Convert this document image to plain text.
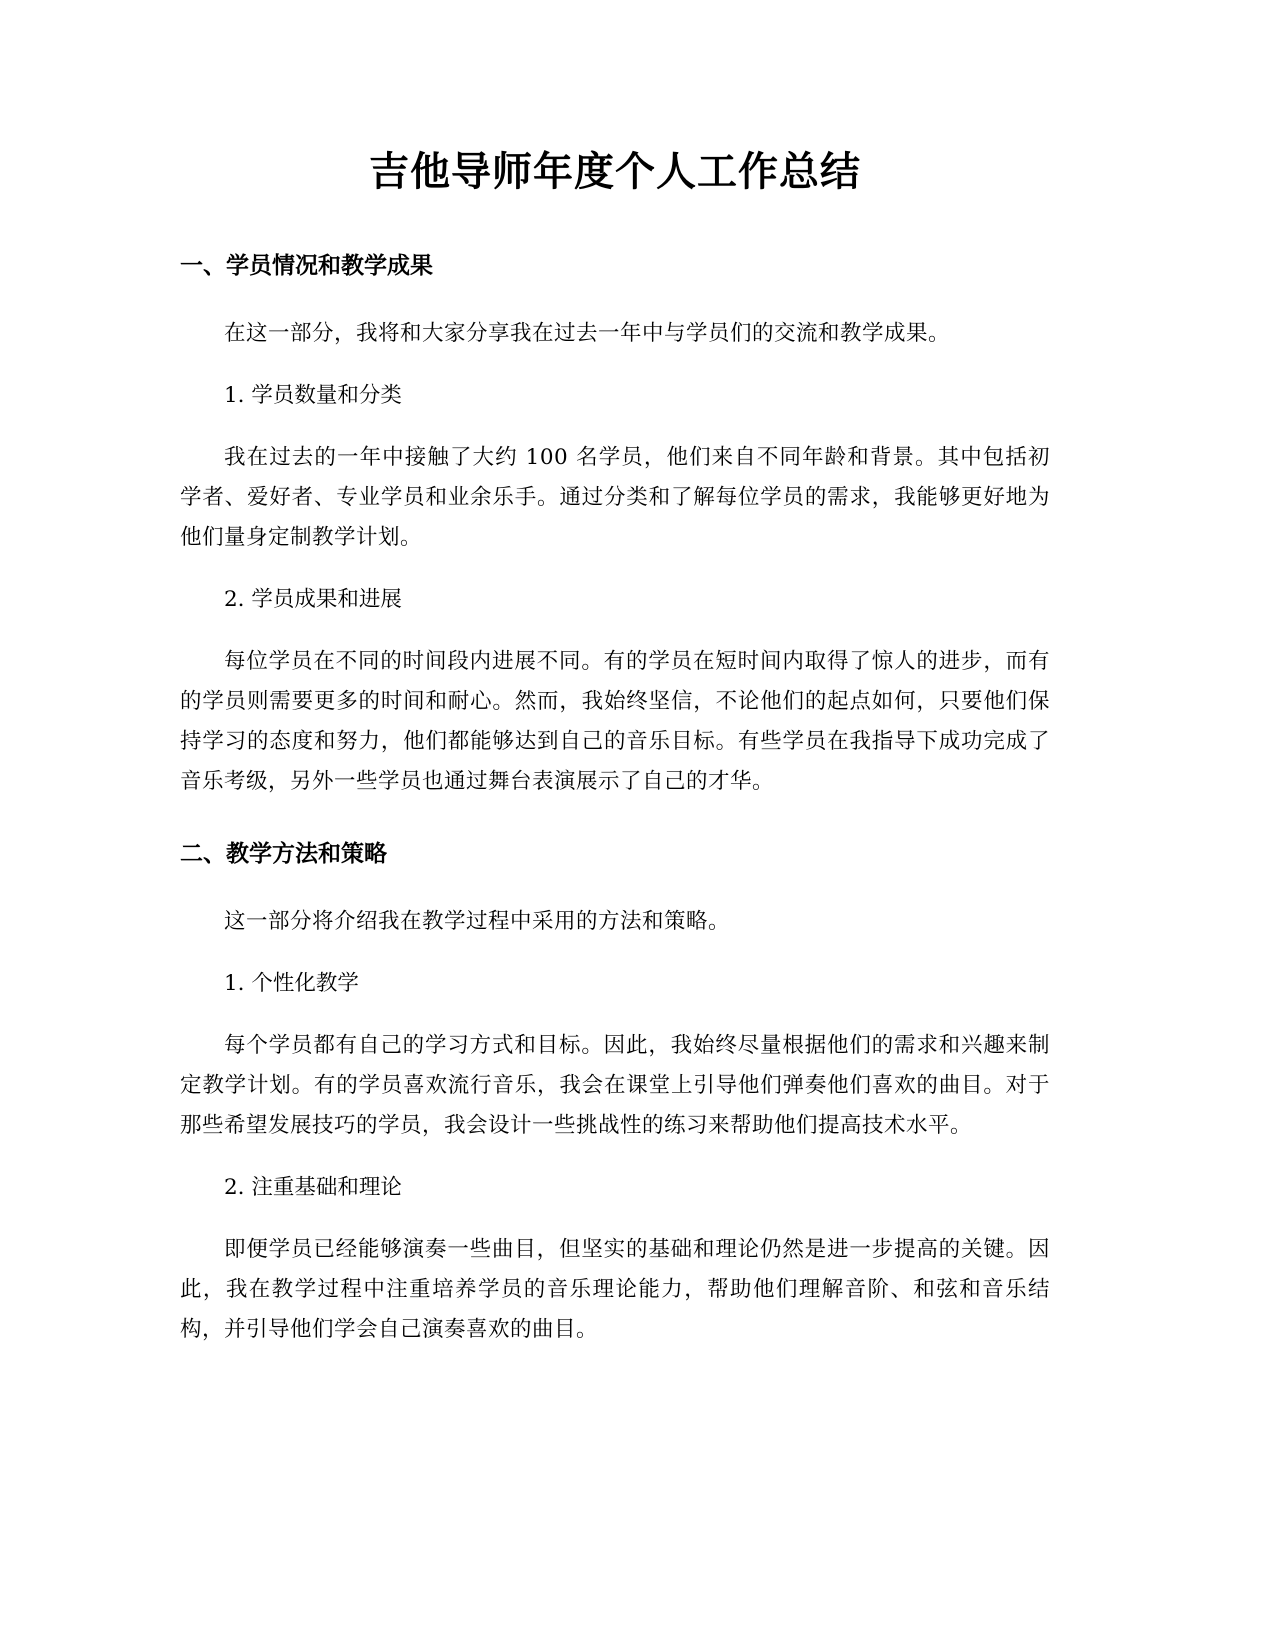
吉他导师年度个人工作总结
一、学员情况和教学成果

在这一部分，我将和大家分享我在过去一年中与学员们的交流和教学成果。

1. 学员数量和分类

我在过去的一年中接触了大约 100 名学员，他们来自不同年龄和背景。其中包括初学者、爱好者、专业学员和业余乐手。通过分类和了解每位学员的需求，我能够更好地为他们量身定制教学计划。

2. 学员成果和进展

每位学员在不同的时间段内进展不同。有的学员在短时间内取得了惊人的进步，而有的学员则需要更多的时间和耐心。然而，我始终坚信，不论他们的起点如何，只要他们保持学习的态度和努力，他们都能够达到自己的音乐目标。有些学员在我指导下成功完成了音乐考级，另外一些学员也通过舞台表演展示了自己的才华。

二、教学方法和策略

这一部分将介绍我在教学过程中采用的方法和策略。

1. 个性化教学

每个学员都有自己的学习方式和目标。因此，我始终尽量根据他们的需求和兴趣来制定教学计划。有的学员喜欢流行音乐，我会在课堂上引导他们弹奏他们喜欢的曲目。对于那些希望发展技巧的学员，我会设计一些挑战性的练习来帮助他们提高技术水平。

2. 注重基础和理论

即便学员已经能够演奏一些曲目，但坚实的基础和理论仍然是进一步提高的关键。因此，我在教学过程中注重培养学员的音乐理论能力，帮助他们理解音阶、和弦和音乐结构，并引导他们学会自己演奏喜欢的曲目。
